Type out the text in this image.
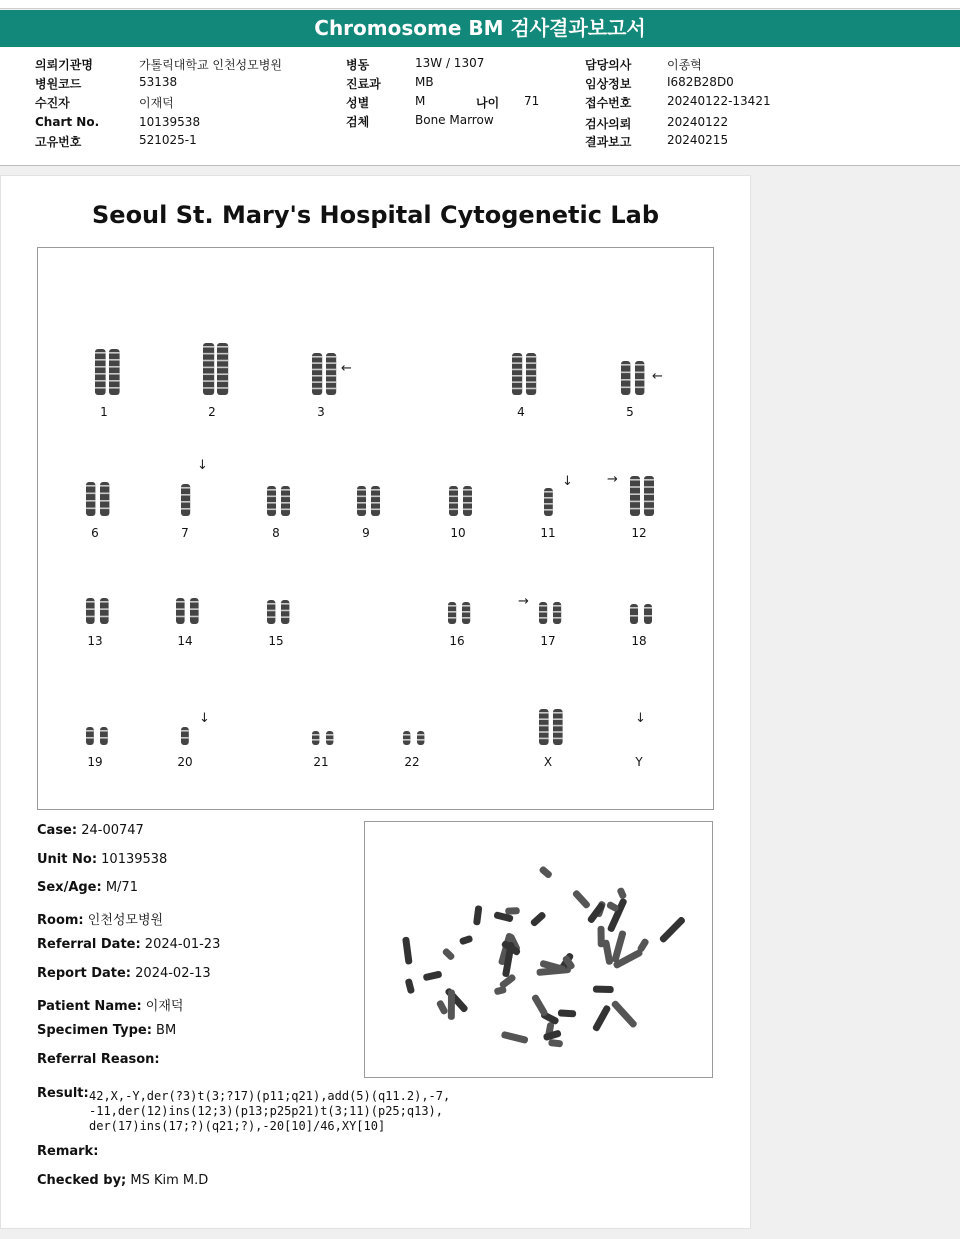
Chromosome BM 검사결과보고서
의뢰기관명	가톨릭대학교 인천성모병원
병원코드	53138
수진자	이재덕
Chart No.	10139538
고유번호	521025-1
병동	13W / 1307
진료과	MB
성별	M	나이 71
검체	Bone Marrow
담당의사	이종혁
임상정보	I682B28D0
접수번호	20240122-13421
검사의뢰	20240122
결과보고	20240215
Seoul St. Mary's Hospital Cytogenetic Lab
1	2	3	4	5
6	7	8	9	10	11	12
13	14	15	16	17	18
19	20	21	22	X	Y
←
←
↓
↓	→
→
↓	↓
Case: 24-00747
Unit No: 10139538
Sex/Age: M/71
Room: 인천성모병원
Referral Date: 2024-01-23
Report Date: 2024-02-13
Patient Name: 이재덕
Specimen Type: BM
Referral Reason:
Result: 42,X,-Y,der(?3)t(3;?17)(p11;q21),add(5)(q11.2),-7,
-11,der(12)ins(12;3)(p13;p25p21)t(3;11)(p25;q13),
der(17)ins(17;?)(q21;?),-20[10]/46,XY[10]
Remark:
Checked by; MS Kim M.D
